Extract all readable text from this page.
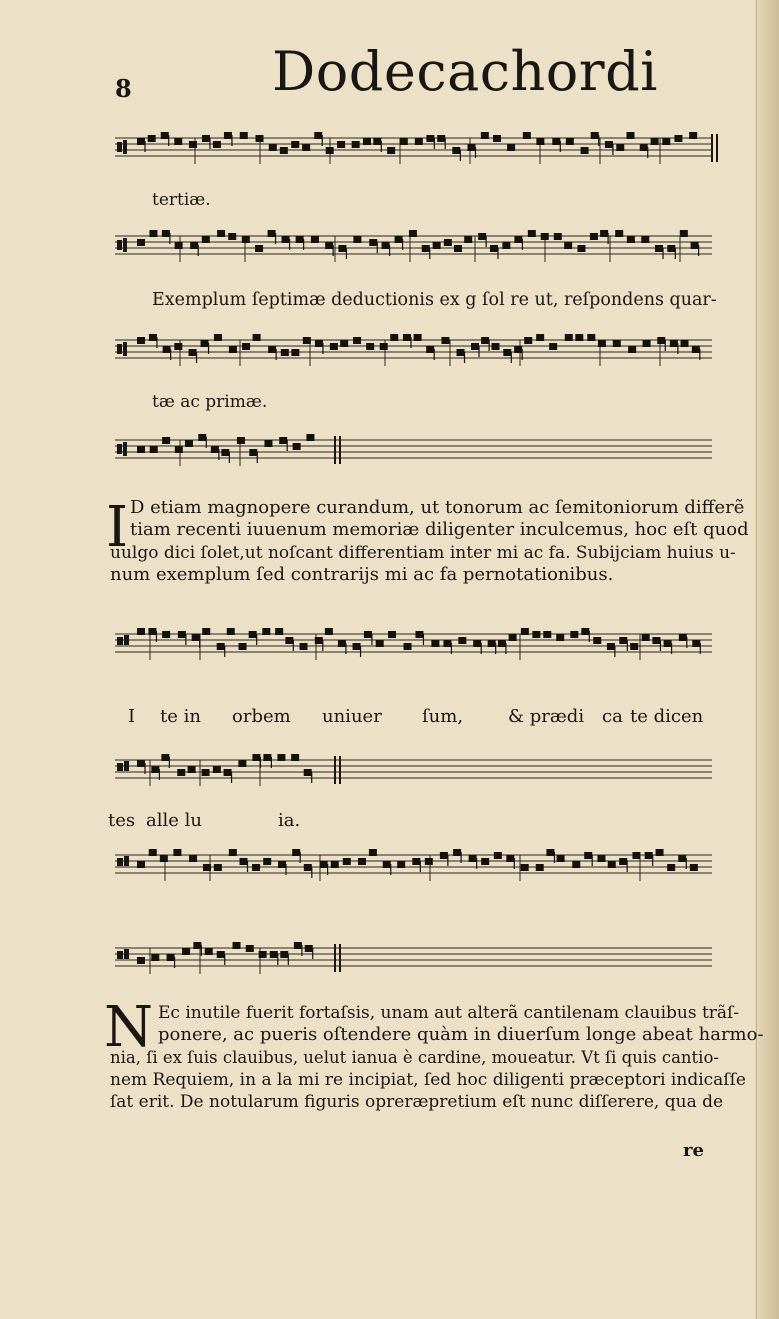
8	Dodecachordi
tertiæ.
Exemplum ſeptimæ deductionis ex g ſol re ut, reſpondens quar-
tæ ac primæ.
I D etiam magnopere curandum, ut tonorum ac ſemitoniorum differẽ
tiam recenti iuuenum memoriæ diligenter inculcemus, hoc eſt quod
uulgo dici ſolet,ut noſcant differentiam inter mi ac fa. Subijciam huius u-
num exemplum ſed contrarijs mi ac fa pernotationibus.
I te in orbem uniuer ſum, & prædi ca te dicen
tes alle lu	ia.
N Ec inutile fuerit fortaſsis, unam aut alterã cantilenam clauibus trãſ-
ponere, ac pueris oſtendere quàm in diuerſum longe abeat harmo-
nia, ſi ex ſuis clauibus, uelut ianua è cardine, moueatur. Vt ſi quis cantio-
nem Requiem, in a la mi re incipiat, ſed hoc diligenti præceptori indicaſſe
ſat erit. De notularum figuris opreræpretium eſt nunc diſſerere, qua de
re
